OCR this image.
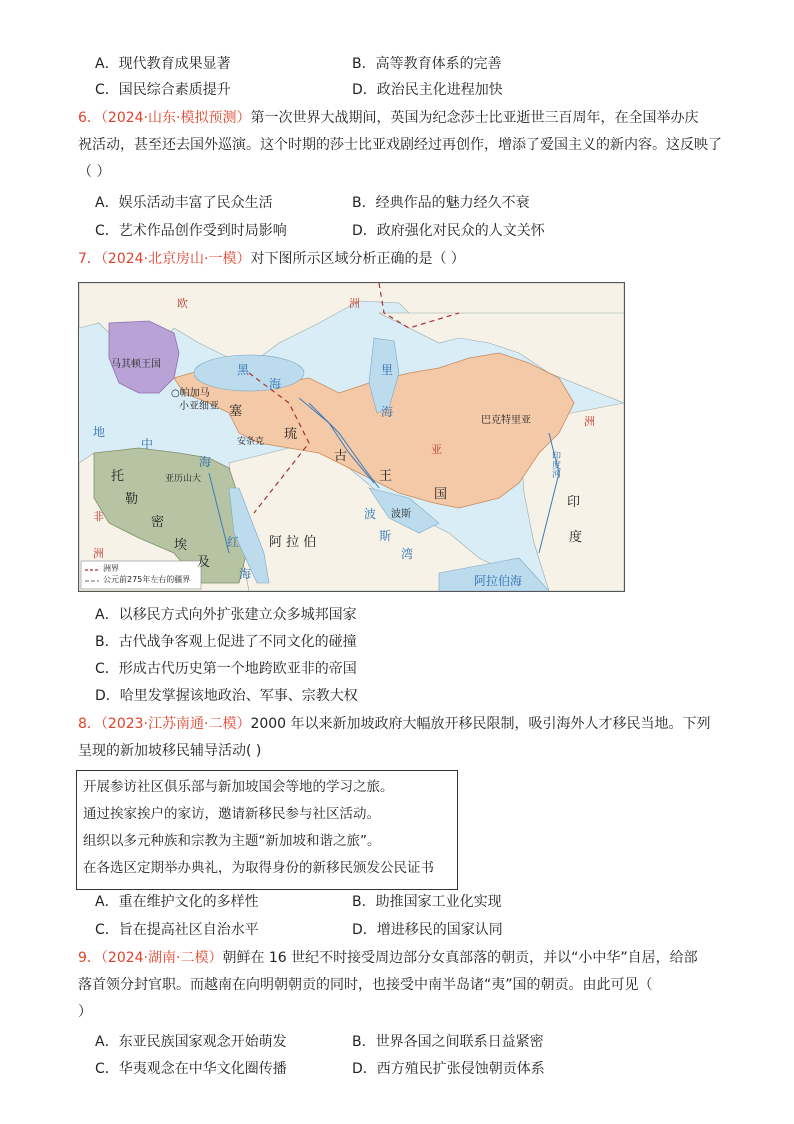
A．现代教育成果显著	B．高等教育体系的完善
C．国民综合素质提升	D．政治民主化进程加快
6．（2024·山东·模拟预测）第一次世界大战期间，英国为纪念莎士比亚逝世三百周年，在全国举办庆
祝活动，甚至还去国外巡演。这个时期的莎士比亚戏剧经过再创作，增添了爱国主义的新内容。这反映了
（ ）
A．娱乐活动丰富了民众生活	B．经典作品的魅力经久不衰
C．艺术作品创作受到时局影响	D．政府强化对民众的人文关怀
7．（2024·北京房山·一模）对下图所示区域分析正确的是（ ）
欧	洲
马其顿王国	黑
海
里
海
○帕加马
小亚细亚 塞
琉
古
王
国
亚
洲
巴克特里亚
安条克
地
中
海
托
勒
密
埃
及
亚历山大
非
洲
阿 拉 伯
波斯
波
斯
湾
红
海	阿拉伯海
印
度
印度河
洲界
公元前275年左右的疆界
A．以移民方式向外扩张建立众多城邦国家
B．古代战争客观上促进了不同文化的碰撞
C．形成古代历史第一个地跨欧亚非的帝国
D．哈里发掌握该地政治、军事、宗教大权
8．（2023·江苏南通·二模）2000 年以来新加坡政府大幅放开移民限制，吸引海外人才移民当地。下列
呈现的新加坡移民辅导活动( )
开展参访社区俱乐部与新加坡国会等地的学习之旅。
通过挨家挨户的家访，邀请新移民参与社区活动。
组织以多元种族和宗教为主题“新加坡和谐之旅”。
在各选区定期举办典礼，为取得身份的新移民颁发公民证书
A．重在维护文化的多样性	B．助推国家工业化实现
C．旨在提高社区自治水平	D．增进移民的国家认同
9．（2024·湖南·二模）朝鲜在 16 世纪不时接受周边部分女真部落的朝贡，并以“小中华”自居，给部
落首领分封官职。而越南在向明朝朝贡的同时，也接受中南半岛诸“夷”国的朝贡。由此可见（
）
A．东亚民族国家观念开始萌发	B．世界各国之间联系日益紧密
C．华夷观念在中华文化圈传播	D．西方殖民扩张侵蚀朝贡体系
